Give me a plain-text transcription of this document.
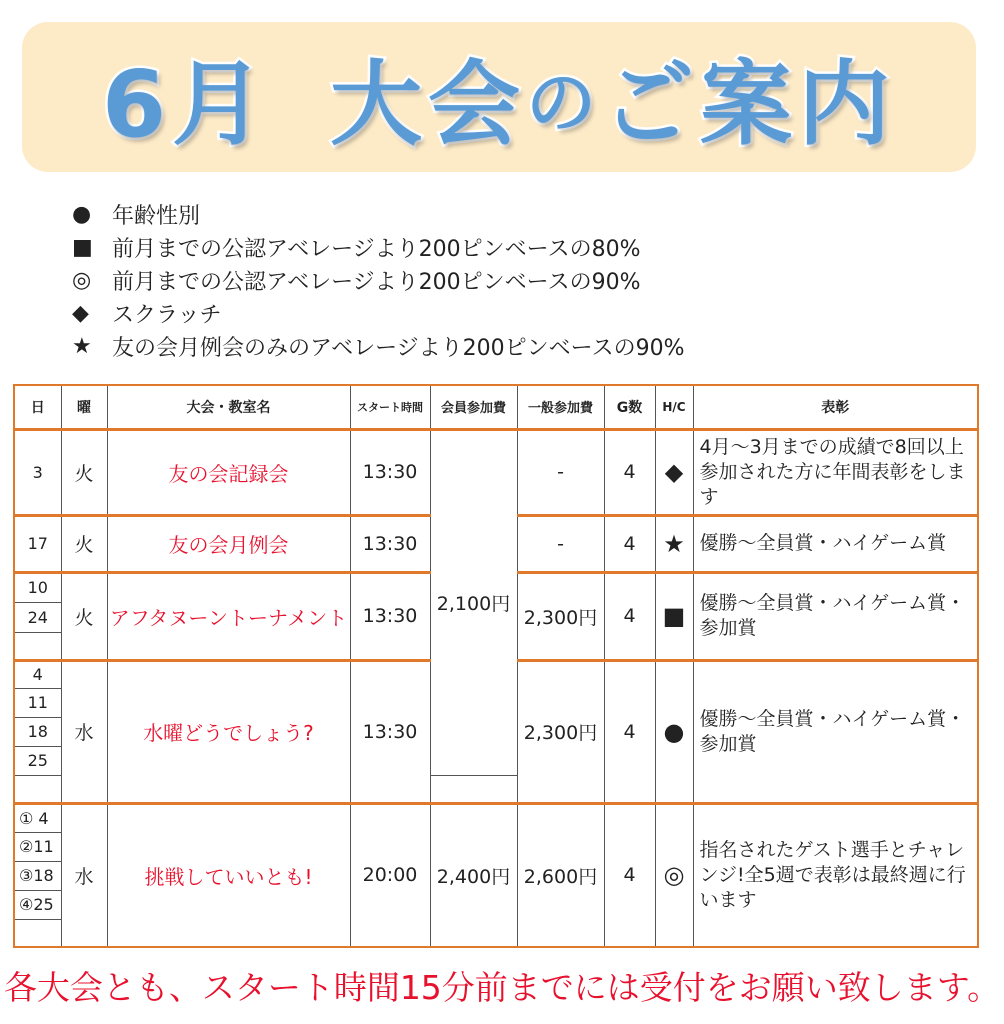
6月 大会 の ご案内
● 年齢性別
■ 前月までの公認アベレージより200ピンベースの80%
◎ 前月までの公認アベレージより200ピンベースの90%
◆	スクラッチ
★ 友の会月例会のみのアベレージより200ピンベースの90%
日	曜	大会・教室名	スタート時間	会員参加費	一般参加費	G数	H/C	表彰
3	火	友の会記録会	13:30	2,100円	-	4	◆	4月～3月までの成績で8回以上参加された方に年間表彰をします
17	火	友の会月例会	13:30		-	4	★	優勝～全員賞・ハイゲーム賞
10	火	アフタヌーントーナメント	13:30		2,300円	4	■	優勝～全員賞・ハイゲーム賞・参加賞
24								

4	水	水曜どうでしょう?	13:30		2,300円	4	●	優勝～全員賞・ハイゲーム賞・参加賞
11								
18								
25								

① 4	水	挑戦していいとも!	20:00	2,400円	2,600円	4	◎	指名されたゲスト選手とチャレンジ!全5週で表彰は最終週に行います
②11								
③18								
④25								

各大会とも、スタート時間15分前までには受付をお願い致します。
